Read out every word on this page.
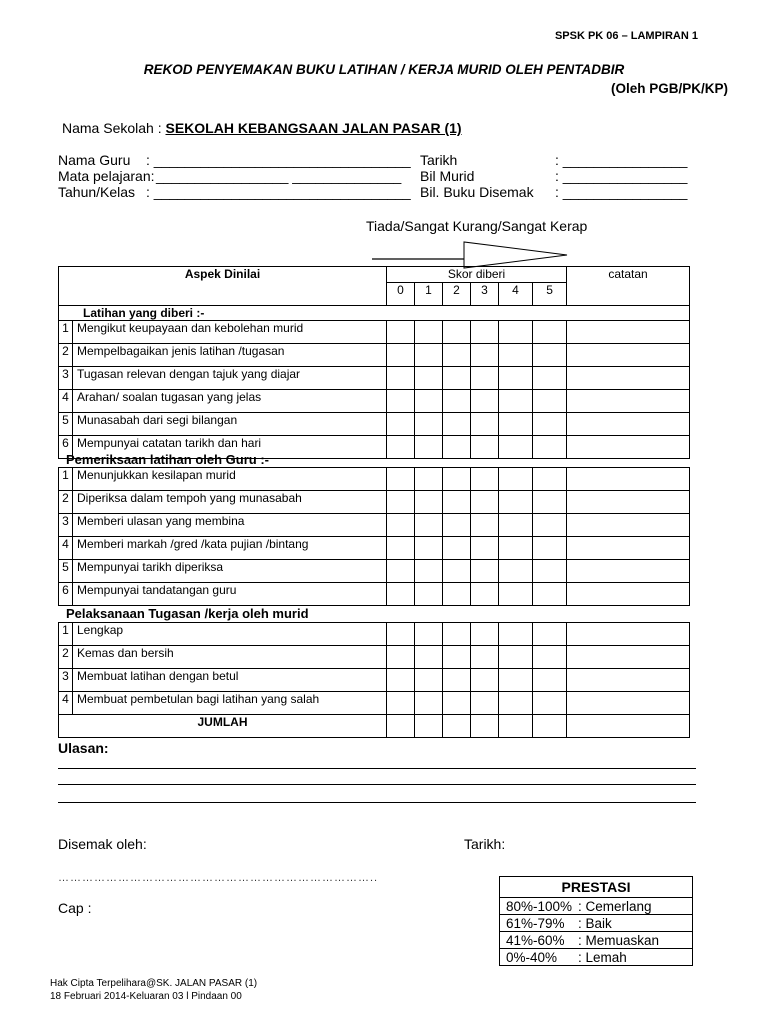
SPSK PK 06 – LAMPIRAN 1
REKOD PENYEMAKAN BUKU LATIHAN / KERJA MURID OLEH PENTADBIR
(Oleh PGB/PK/KP)
Nama Sekolah : SEKOLAH KEBANGSAAN JALAN PASAR (1)
Nama Guru : _________________________________
Mata pelajaran:_________________ ______________
Tahun/Kelas : _________________________________
Tarikh	: ________________
Bil Murid	: ________________
Bil. Buku Disemak : ________________
Tiada/Sangat Kurang/Sangat Kerap
Aspek Dinilai		Skor diberi						catatan
		0	1	2	3	4	5	
Latihan yang diberi :-								
1	Mengikut keupayaan dan kebolehan murid							
2	Mempelbagaikan jenis latihan /tugasan							
3	Tugasan relevan dengan tajuk yang diajar							
4	Arahan/ soalan tugasan yang jelas							
5	Munasabah dari segi bilangan							
6	Mempunyai catatan tarikh dan hari							
Pemeriksaan latihan oleh Guru :-
1	Menunjukkan kesilapan murid							
2	Diperiksa dalam tempoh yang munasabah							
3	Memberi ulasan yang membina							
4	Memberi markah /gred /kata pujian /bintang							
5	Mempunyai tarikh diperiksa							
6	Mempunyai tandatangan guru							
Pelaksanaan Tugasan /kerja oleh murid
1	Lengkap							
2	Kemas dan bersih							
3	Membuat latihan dengan betul							
4	Membuat pembetulan bagi latihan yang salah							
JUMLAH								
Ulasan:
Disemak oleh:	Tarikh:
……………………………………………………………………..
Cap :
PRESTASI
80%-100% : Cemerlang
61%-79% : Baik
41%-60% : Memuaskan
0%-40% : Lemah
Hak Cipta Terpelihara@SK. JALAN PASAR (1)
18 Februari 2014-Keluaran 03 l Pindaan 00
